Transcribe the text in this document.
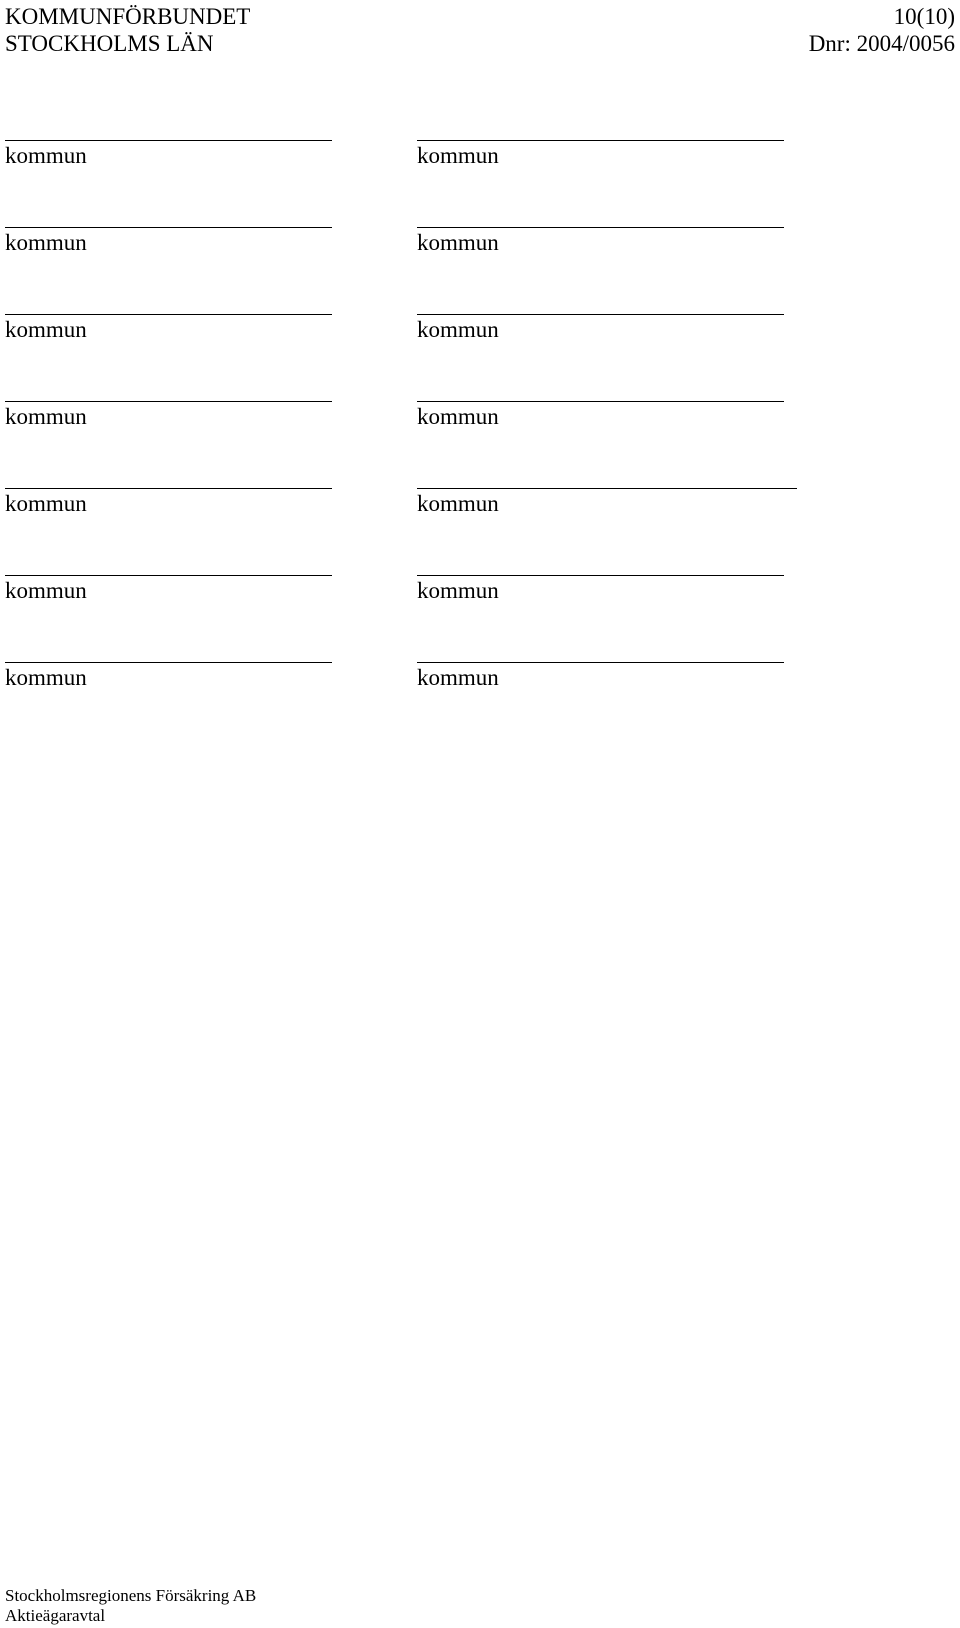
KOMMUNFÖRBUNDET
STOCKHOLMS LÄN
10(10)
Dnr: 2004/0056
kommun	kommun
kommun	kommun
kommun	kommun
kommun	kommun
kommun	kommun
kommun	kommun
kommun	kommun
Stockholmsregionens Försäkring AB
Aktieägaravtal
